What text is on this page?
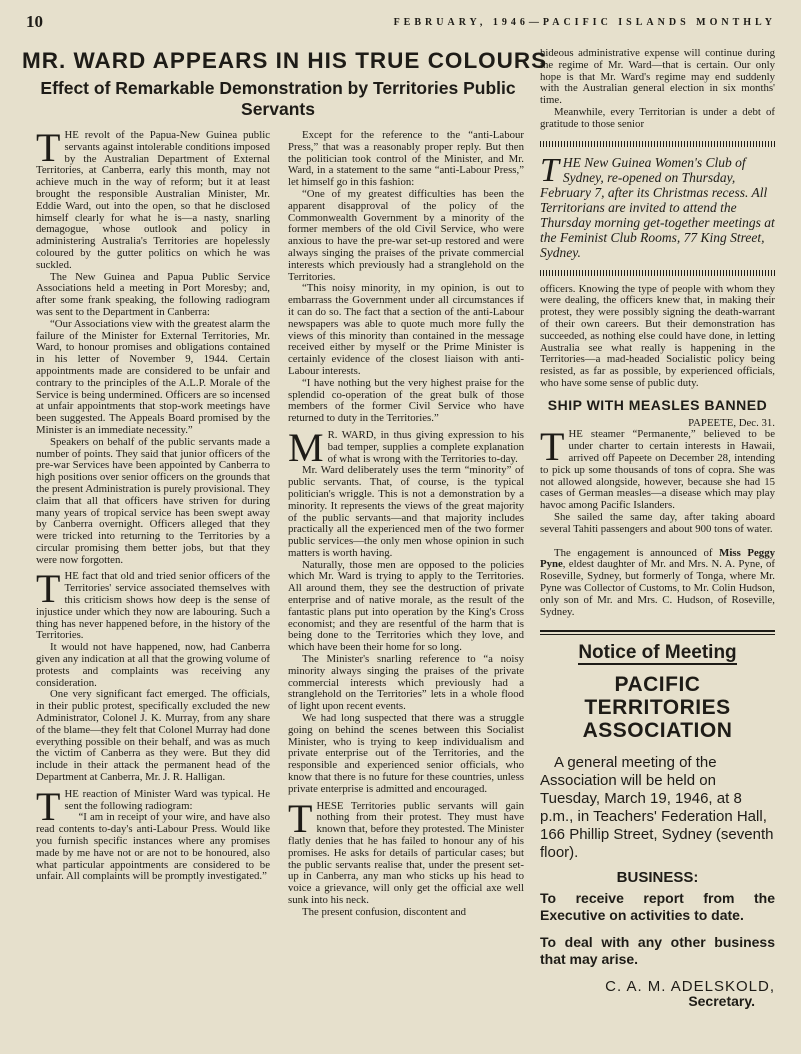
10	FEBRUARY, 1946—PACIFIC ISLANDS MONTHLY
MR. WARD APPEARS IN HIS TRUE COLOURS
Effect of Remarkable Demonstration by Territories Public Servants

THE revolt of the Papua-New Guinea public servants against intolerable conditions imposed by the Australian Department of External Territories, at Canberra, early this month, may not achieve much in the way of reform; but it at least brought the responsible Australian Minister, Mr. Eddie Ward, out into the open, so that he disclosed himself clearly for what he is—a nasty, snarling demagogue, whose outlook and policy in administering Australia's Territories are hopelessly coloured by the gutter politics on which he was suckled.

The New Guinea and Papua Public Service Associations held a meeting in Port Moresby; and, after some frank speaking, the following radiogram was sent to the Department in Canberra:

“Our Associations view with the greatest alarm the failure of the Minister for External Territories, Mr. Ward, to honour promises and obligations contained in his letter of November 9, 1944. Certain appointments made are considered to be unfair and contrary to the principles of the A.L.P. Morale of the Service is being undermined. Officers are so incensed at unfair appointments that stop-work meetings have been suggested. The Appeals Board promised by the Minister is an immediate necessity.”

Speakers on behalf of the public servants made a number of points. They said that junior officers of the pre-war Services have been appointed by Canberra to high positions over senior officers on the grounds that the present Administration is purely provisional. They claim that all that officers have striven for during many years of tropical service has been swept away by Canberra overnight. Officers alleged that they were tricked into returning to the Territories by a circular promising them better jobs, but that they were now forgotten.

THE fact that old and tried senior officers of the Territories' service associated themselves with this criticism shows how deep is the sense of injustice under which they now are labouring. Such a thing has never happened before, in the history of the Territories.

It would not have happened, now, had Canberra given any indication at all that the growing volume of protests and complaints was receiving any consideration.

One very significant fact emerged. The officials, in their public protest, specifically excluded the new Administrator, Colonel J. K. Murray, from any share of the blame—they felt that Colonel Murray had done everything possible on their behalf, and was as much the victim of Canberra as they were. But they did include in their attack the permanent head of the Department at Canberra, Mr. J. R. Halligan.

THE reaction of Minister Ward was typical. He sent the following radiogram:

“I am in receipt of your wire, and have also read contents to-day's anti-Labour Press. Would like you furnish specific instances where any promises made by me have not or are not to be honoured, also what particular appointments are considered to be unfair. All complaints will be promptly investigated.”

Except for the reference to the “anti-Labour Press,” that was a reasonably proper reply. But then the politician took control of the Minister, and Mr. Ward, in a statement to the same “anti-Labour Press,” let himself go in this fashion:

“One of my greatest difficulties has been the apparent disapproval of the policy of the Commonwealth Government by a minority of the former members of the old Civil Service, who were anxious to have the pre-war set-up restored and were always singing the praises of the private commercial interests which previously had a stranglehold on the Territories.

“This noisy minority, in my opinion, is out to embarrass the Government under all circumstances if it can do so. The fact that a section of the anti-Labour newspapers was able to quote much more fully the views of this minority than contained in the message received either by myself or the Prime Minister is certainly evidence of the closest liaison with anti-Labour interests.

“I have nothing but the very highest praise for the splendid co-operation of the great bulk of those members of the former Civil Service who have returned to duty in the Territories.”

M R. WARD, in thus giving expression to his bad temper, supplies a complete explanation of what is wrong with the Territories to-day.

Mr. Ward deliberately uses the term “minority” of public servants. That, of course, is the typical politician's wriggle. This is not a demonstration by a minority. It represents the views of the great majority of the public servants—and that majority includes practically all the experienced men of the two former public services—the only men whose opinion in such matters is worth having.

Naturally, those men are opposed to the policies which Mr. Ward is trying to apply to the Territories. All around them, they see the destruction of private enterprise and of native morale, as the result of the fantastic plans put into operation by the King's Cross economist; and they are resentful of the harm that is being done to the Territories which they love, and which have been their home for so long.

The Minister's snarling reference to “a noisy minority always singing the praises of the private commercial interests which previously had a stranglehold on the Territories” lets in a whole flood of light upon recent events.

We had long suspected that there was a struggle going on behind the scenes between this Socialist Minister, who is trying to keep individualism and private enterprise out of the Territories, and the responsible and experienced senior officials, who know that there is no future for these countries, unless private enterprise is admitted and encouraged.

THESE Territories public servants will gain nothing from their protest. They must have known that, before they protested. The Minister flatly denies that he has failed to honour any of his promises. He asks for details of particular cases; but the public servants realise that, under the present set-up in Canberra, any man who sticks up his head to voice a grievance, will only get the official axe well sunk into his neck.

The present confusion, discontent and

hideous administrative expense will continue during the regime of Mr. Ward—that is certain. Our only hope is that Mr. Ward's regime may end suddenly with the Australian general election in six months' time.

Meanwhile, every Territorian is under a debt of gratitude to those senior

THE New Guinea Women's Club of Sydney, re-opened on Thursday, February 7, after its Christmas recess. All Territorians are invited to attend the Thursday morning get-together meetings at the Feminist Club Rooms, 77 King Street, Sydney.

officers. Knowing the type of people with whom they were dealing, the officers knew that, in making their protest, they were possibly signing the death-warrant of their own careers. But their demonstration has succeeded, as nothing else could have done, in letting Australia see what really is happening in the Territories—a mad-headed Socialistic policy being resisted, as far as possible, by experienced officials, who have some sense of public duty.

SHIP WITH MEASLES BANNED

PAPEETE, Dec. 31.

THE steamer “Permanente,” believed to be under charter to certain interests in Hawaii, arrived off Papeete on December 28, intending to pick up some thousands of tons of copra. She was not allowed alongside, however, because she had 15 cases of German measles—a disease which may play havoc among Pacific Islanders.

She sailed the same day, after taking aboard several Tahiti passengers and about 900 tons of water.

The engagement is announced of Miss Peggy Pyne, eldest daughter of Mr. and Mrs. N. A. Pyne, of Roseville, Sydney, but formerly of Tonga, where Mr. Pyne was Collector of Customs, to Mr. Colin Hudson, only son of Mr. and Mrs. C. Hudson, of Roseville, Sydney.

Notice of Meeting
PACIFIC TERRITORIES ASSOCIATION

A general meeting of the Association will be held on Tuesday, March 19, 1946, at 8 p.m., in Teachers' Federation Hall, 166 Phillip Street, Sydney (seventh floor).

BUSINESS:
To receive report from the Executive on activities to date.
To deal with any other business that may arise.
C. A. M. ADELSKOLD,
Secretary.
